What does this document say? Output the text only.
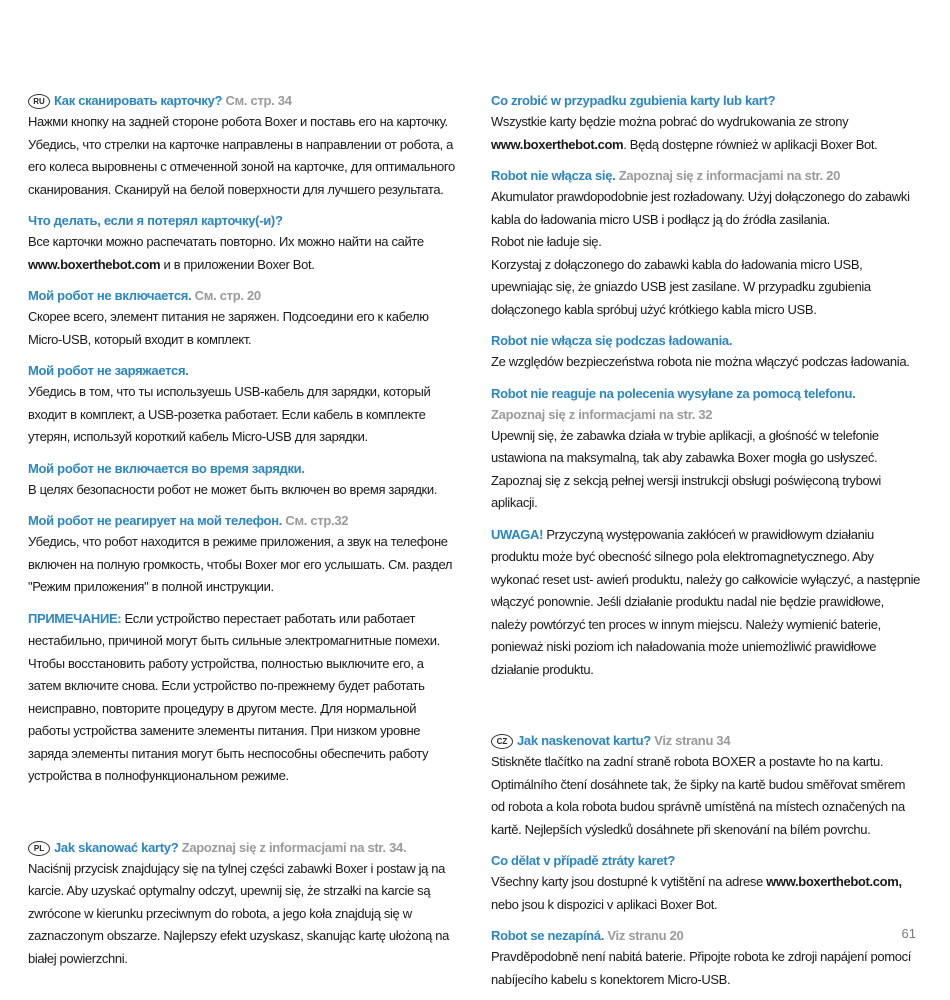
RU Как сканировать карточку? См. стр. 34
Нажми кнопку на задней стороне робота Boxer и поставь его на карточку. Убедись, что стрелки на карточке направлены в направлении от робота, а его колеса выровнены с отмеченной зоной на карточке, для оптимального сканирования. Сканируй на белой поверхности для лучшего результата.
Что делать, если я потерял карточку(-и)?
Все карточки можно распечатать повторно. Их можно найти на сайте www.boxerthebot.com и в приложении Boxer Bot.
Мой робот не включается. См. стр. 20
Скорее всего, элемент питания не заряжен. Подсоедини его к кабелю Micro-USB, который входит в комплект.
Мой робот не заряжается.
Убедись в том, что ты используешь USB-кабель для зарядки, который входит в комплект, а USB-розетка работает. Если кабель в комплекте утерян, используй короткий кабель Micro-USB для зарядки.
Мой робот не включается во время зарядки.
В целях безопасности робот не может быть включен во время зарядки.
Мой робот не реагирует на мой телефон. См. стр.32
Убедись, что робот находится в режиме приложения, а звук на телефоне включен на полную громкость, чтобы Boxer мог его услышать. См. раздел "Режим приложения" в полной инструкции.
ПРИМЕЧАНИЕ: Если устройство перестает работать или работает нестабильно, причиной могут быть сильные электромагнитные помехи. Чтобы восстановить работу устройства, полностью выключите его, а затем включите снова. Если устройство по-прежнему будет работать неисправно, повторите процедуру в другом месте. Для нормальной работы устройства замените элементы питания. При низком уровне заряда элементы питания могут быть неспособны обеспечить работу устройства в полнофункциональном режиме.
PL Jak skanować karty? Zapoznaj się z informacjami na str. 34.
Naciśnij przycisk znajdujący się na tylnej części zabawki Boxer i postaw ją na karcie. Aby uzyskać optymalny odczyt, upewnij się, że strzałki na karcie są zwrócone w kierunku przeciwnym do robota, a jego koła znajdują się w zaznaczonym obszarze. Najlepszy efekt uzyskasz, skanując kartę ułożoną na białej powierzchni.
Co zrobić w przypadku zgubienia karty lub kart?
Wszystkie karty będzie można pobrać do wydrukowania ze strony www.boxerthebot.com. Będą dostępne również w aplikacji Boxer Bot.
Robot nie włącza się. Zapoznaj się z informacjami na str. 20
Akumulator prawdopodobnie jest rozładowany. Użyj dołączonego do zabawki kabla do ładowania micro USB i podłącz ją do źródła zasilania.
Robot nie ładuje się.
Korzystaj z dołączonego do zabawki kabla do ładowania micro USB, upewniając się, że gniazdo USB jest zasilane. W przypadku zgubienia dołączonego kabla spróbuj użyć krótkiego kabla micro USB.
Robot nie włącza się podczas ładowania.
Ze względów bezpieczeństwa robota nie można włączyć podczas ładowania.
Robot nie reaguje na polecenia wysyłane za pomocą telefonu.
Zapoznaj się z informacjami na str. 32
Upewnij się, że zabawka działa w trybie aplikacji, a głośność w telefonie ustawiona na maksymalną, tak aby zabawka Boxer mogła go usłyszeć. Zapoznaj się z sekcją pełnej wersji instrukcji obsługi poświęconą trybowi aplikacji.
UWAGA! Przyczyną występowania zakłóceń w prawidłowym działaniu produktu może być obecność silnego pola elektromagnetycznego. Aby wykonać reset ust- awień produktu, należy go całkowicie wyłączyć, a następnie włączyć ponownie. Jeśli działanie produktu nadal nie będzie prawidłowe, należy powtórzyć ten proces w innym miejscu. Należy wymienić baterie, ponieważ niski poziom ich naładowania może uniemożliwić prawidłowe działanie produktu.
CZ Jak naskenovat kartu? Viz stranu 34
Stiskněte tlačítko na zadní straně robota BOXER a postavte ho na kartu. Optimálního čtení dosáhnete tak, že šipky na kartě budou směřovat směrem od robota a kola robota budou správně umístěná na místech označených na kartě. Nejlepších výsledků dosáhnete při skenování na bílém povrchu.
Co dělat v případě ztráty karet?
Všechny karty jsou dostupné k vytištění na adrese www.boxerthebot.com, nebo jsou k dispozici v aplikaci Boxer Bot.
Robot se nezapíná. Viz stranu 20
Pravděpodobně není nabitá baterie. Připojte robota ke zdroji napájení pomocí nabíjecího kabelu s konektorem Micro-USB.
61
